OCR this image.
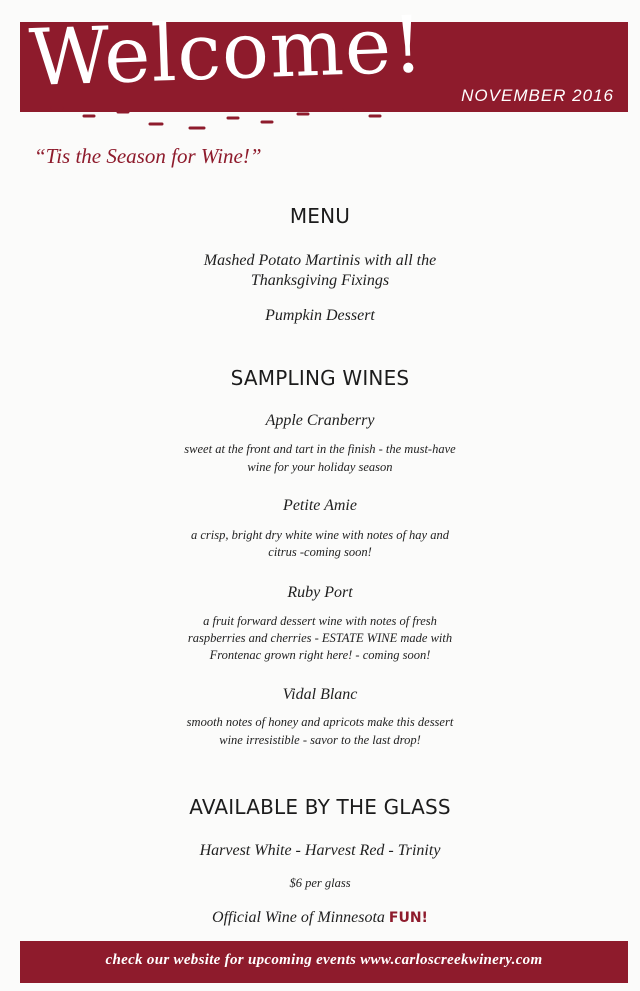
Welcome! NOVEMBER 2016
“Tis the Season for Wine!”
MENU
Mashed Potato Martinis with all the
Thanksgiving Fixings
Pumpkin Dessert
SAMPLING WINES
Apple Cranberry
sweet at the front and tart in the finish - the must-have
wine for your holiday season
Petite Amie
a crisp, bright dry white wine with notes of hay and
citrus -coming soon!
Ruby Port
a fruit forward dessert wine with notes of fresh
raspberries and cherries - ESTATE WINE made with
Frontenac grown right here! - coming soon!
Vidal Blanc
smooth notes of honey and apricots make this dessert
wine irresistible - savor to the last drop!
AVAILABLE BY THE GLASS
Harvest White - Harvest Red - Trinity
$6 per glass
Official Wine of Minnesota FUN!
check our website for upcoming events www.carloscreekwinery.com
